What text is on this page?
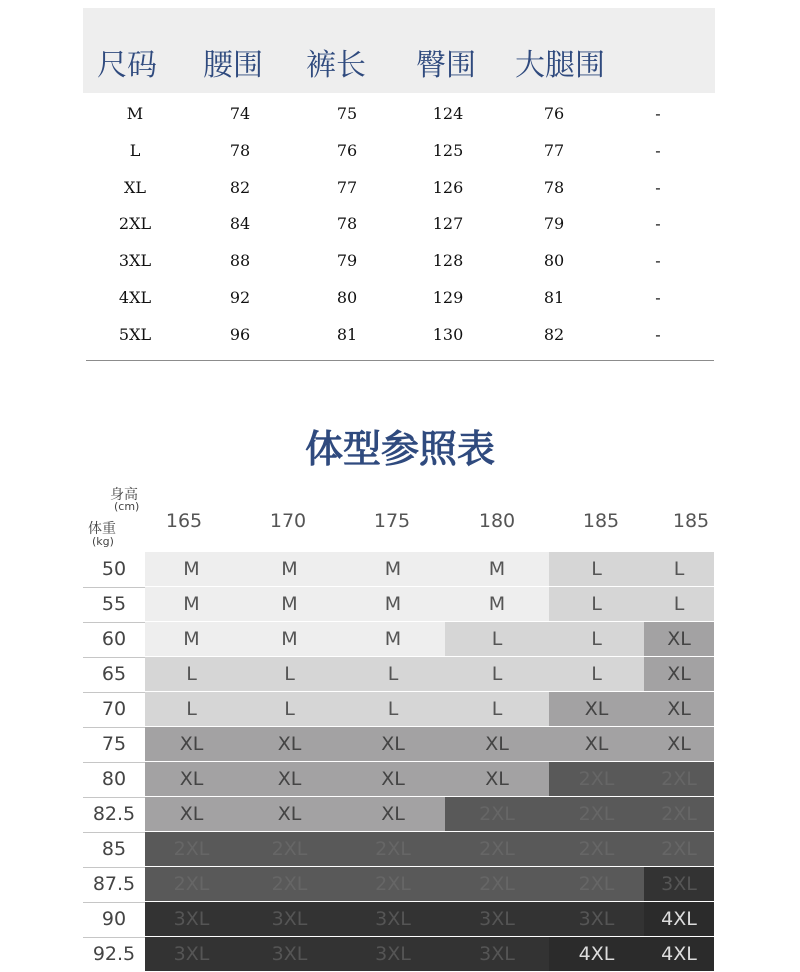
尺码 腰围 裤长 臀围 大腿围
M	74	75	124	76	-
L	78	76	125	77	-
XL	82	77	126	78	-
2XL	84	78	127	79	-
3XL	88	79	128	80	-
4XL	92	80	129	81	-
5XL	96	81	130	82	-
体型参照表
身高
(cm)
体重
(kg)
165	170	175	180	185	185
50	M	M	M	M	L	L
55	M	M	M	M	L	L
60	M	M	M	L	L	XL
65	L	L	L	L	L	XL
70	L	L	L	L	XL	XL
75	XL	XL	XL	XL	XL	XL
80	XL	XL	XL	XL	2XL	2XL
82.5	XL	XL	XL	2XL	2XL	2XL
85	2XL	2XL	2XL	2XL	2XL	2XL
87.5	2XL	2XL	2XL	2XL	2XL	3XL
90	3XL	3XL	3XL	3XL	3XL	4XL
92.5	3XL	3XL	3XL	3XL	4XL	4XL
